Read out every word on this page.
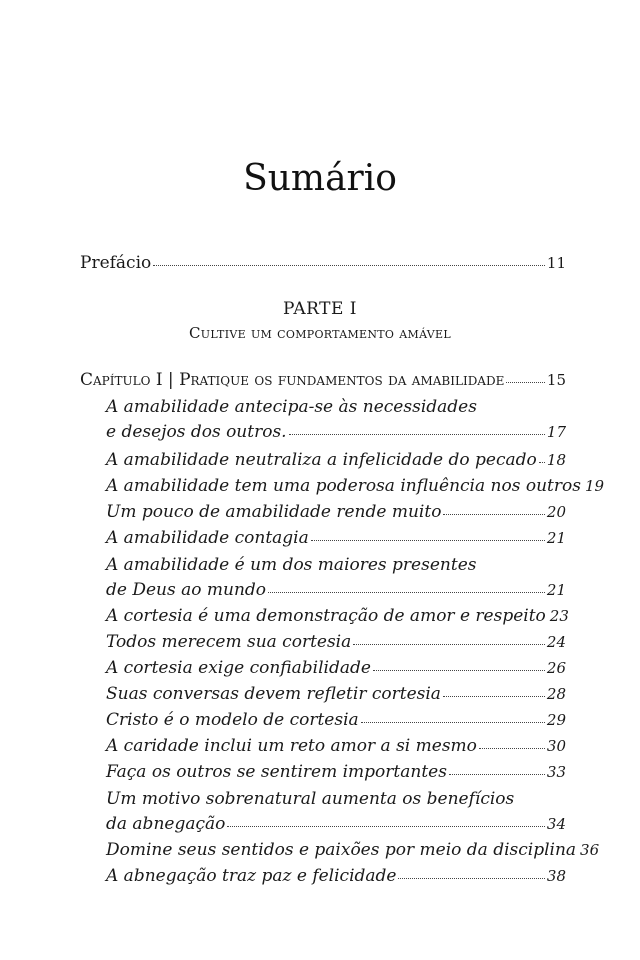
Sumário
Prefácio	11
PARTE I
Cultive um comportamento amável
Capítulo I | Pratique os fundamentos da amabilidade	15
A amabilidade antecipa-se às necessidades
e desejos dos outros.	17
A amabilidade neutraliza a infelicidade do pecado 18
A amabilidade tem uma poderosa influência nos outros 19
Um pouco de amabilidade rende muito	20
A amabilidade contagia	21
A amabilidade é um dos maiores presentes
de Deus ao mundo	21
A cortesia é uma demonstração de amor e respeito 23
Todos merecem sua cortesia	24
A cortesia exige confiabilidade	26
Suas conversas devem refletir cortesia	28
Cristo é o modelo de cortesia	29
A caridade inclui um reto amor a si mesmo	30
Faça os outros se sentirem importantes	33
Um motivo sobrenatural aumenta os benefícios
da abnegação	34
Domine seus sentidos e paixões por meio da disciplina 36
A abnegação traz paz e felicidade	38
